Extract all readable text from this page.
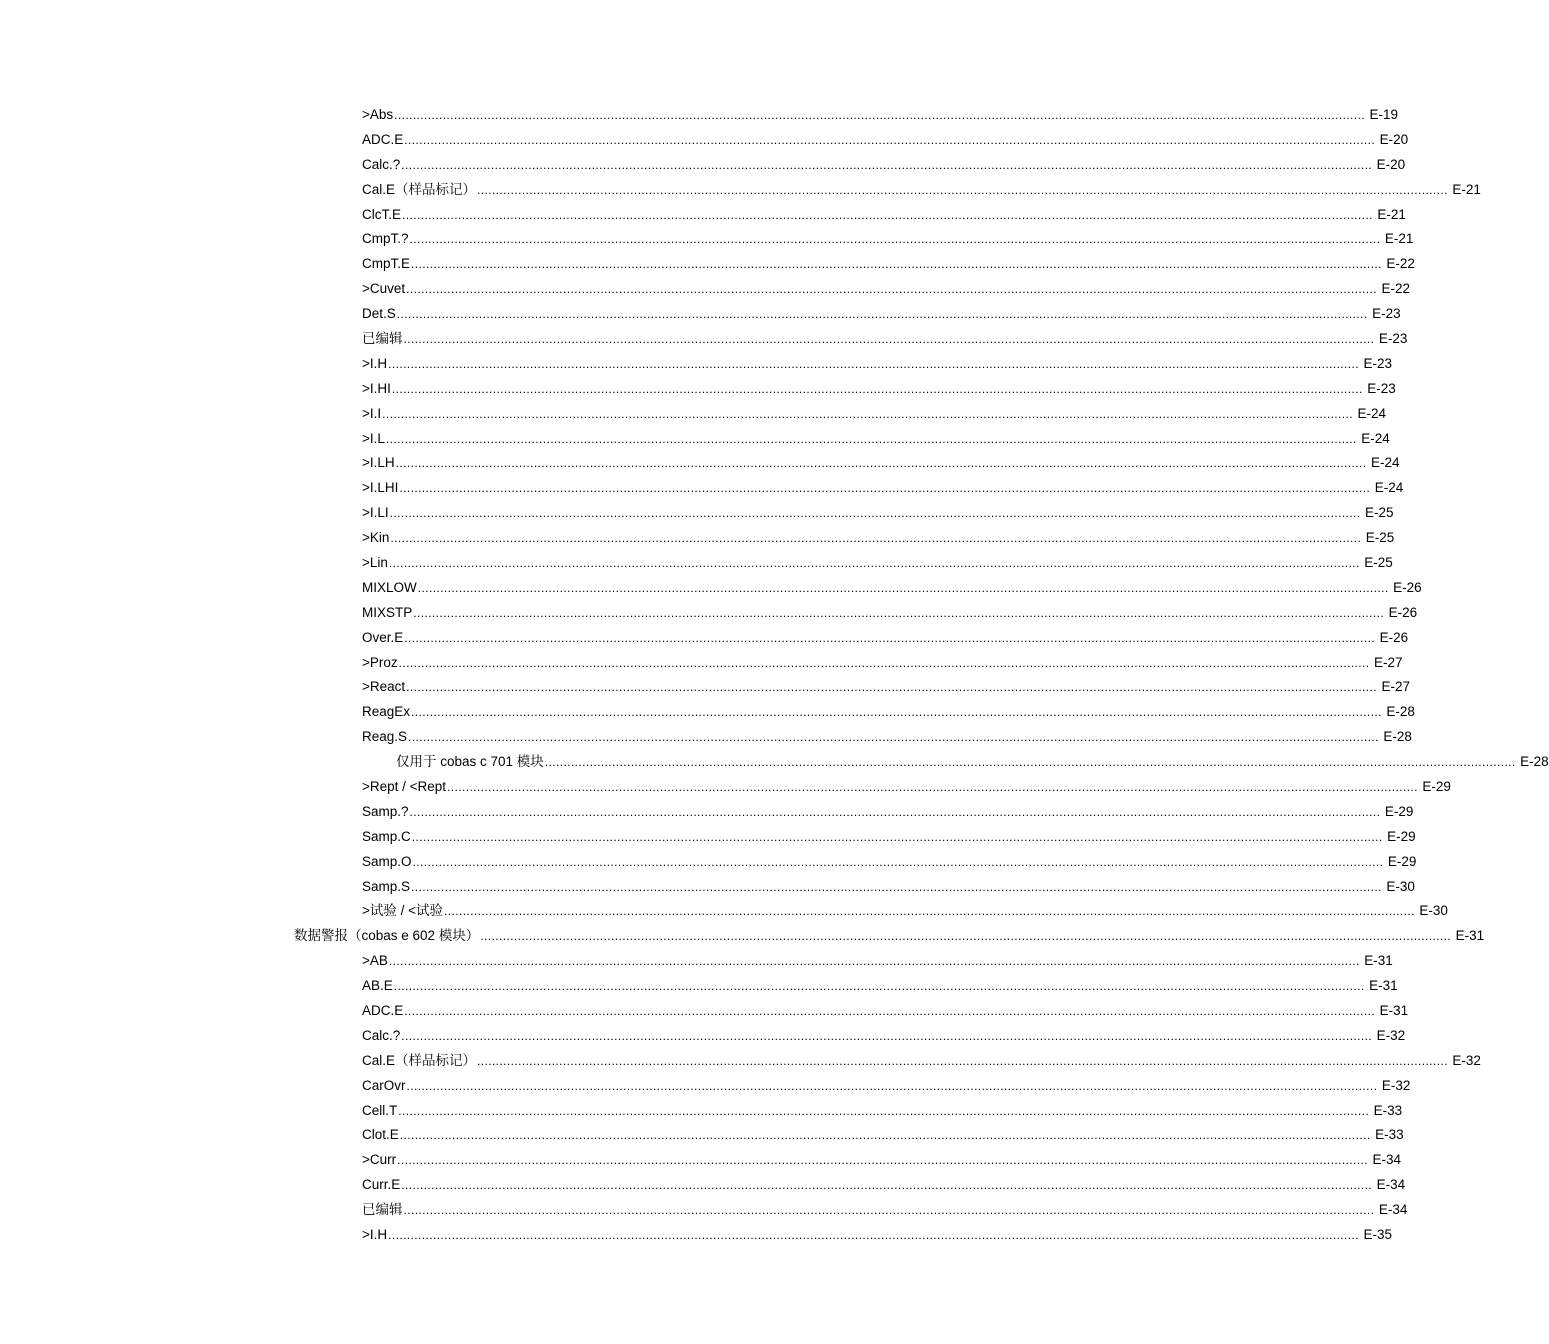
>Abs .................................................................................................................................................................................................................................................................... E-19
ADC.E .................................................................................................................................................................................................................................................................... E-20
Calc.? .................................................................................................................................................................................................................................................................... E-20
Cal.E（样品标记） .................................................................................................................................................................................................................................................................... E-21
ClcT.E .................................................................................................................................................................................................................................................................... E-21
CmpT.? .................................................................................................................................................................................................................................................................... E-21
CmpT.E .................................................................................................................................................................................................................................................................... E-22
>Cuvet .................................................................................................................................................................................................................................................................... E-22
Det.S .................................................................................................................................................................................................................................................................... E-23
已编辑 .................................................................................................................................................................................................................................................................... E-23
>I.H .................................................................................................................................................................................................................................................................... E-23
>I.HI .................................................................................................................................................................................................................................................................... E-23
>I.I .................................................................................................................................................................................................................................................................... E-24
>I.L .................................................................................................................................................................................................................................................................... E-24
>I.LH .................................................................................................................................................................................................................................................................... E-24
>I.LHI .................................................................................................................................................................................................................................................................... E-24
>I.LI .................................................................................................................................................................................................................................................................... E-25
>Kin .................................................................................................................................................................................................................................................................... E-25
>Lin .................................................................................................................................................................................................................................................................... E-25
MIXLOW .................................................................................................................................................................................................................................................................... E-26
MIXSTP .................................................................................................................................................................................................................................................................... E-26
Over.E .................................................................................................................................................................................................................................................................... E-26
>Proz .................................................................................................................................................................................................................................................................... E-27
>React .................................................................................................................................................................................................................................................................... E-27
ReagEx .................................................................................................................................................................................................................................................................... E-28
Reag.S .................................................................................................................................................................................................................................................................... E-28
仅用于 cobas c 701 模块 .................................................................................................................................................................................................................................................................... E-28
>Rept / <Rept .................................................................................................................................................................................................................................................................... E-29
Samp.? .................................................................................................................................................................................................................................................................... E-29
Samp.C .................................................................................................................................................................................................................................................................... E-29
Samp.O .................................................................................................................................................................................................................................................................... E-29
Samp.S .................................................................................................................................................................................................................................................................... E-30
>试验 / <试验 .................................................................................................................................................................................................................................................................... E-30
数据警报（cobas e 602 模块） .................................................................................................................................................................................................................................................................... E-31
>AB .................................................................................................................................................................................................................................................................... E-31
AB.E .................................................................................................................................................................................................................................................................... E-31
ADC.E .................................................................................................................................................................................................................................................................... E-31
Calc.? .................................................................................................................................................................................................................................................................... E-32
Cal.E（样品标记） .................................................................................................................................................................................................................................................................... E-32
CarOvr .................................................................................................................................................................................................................................................................... E-32
Cell.T .................................................................................................................................................................................................................................................................... E-33
Clot.E .................................................................................................................................................................................................................................................................... E-33
>Curr .................................................................................................................................................................................................................................................................... E-34
Curr.E .................................................................................................................................................................................................................................................................... E-34
已编辑 .................................................................................................................................................................................................................................................................... E-34
>I.H .................................................................................................................................................................................................................................................................... E-35
